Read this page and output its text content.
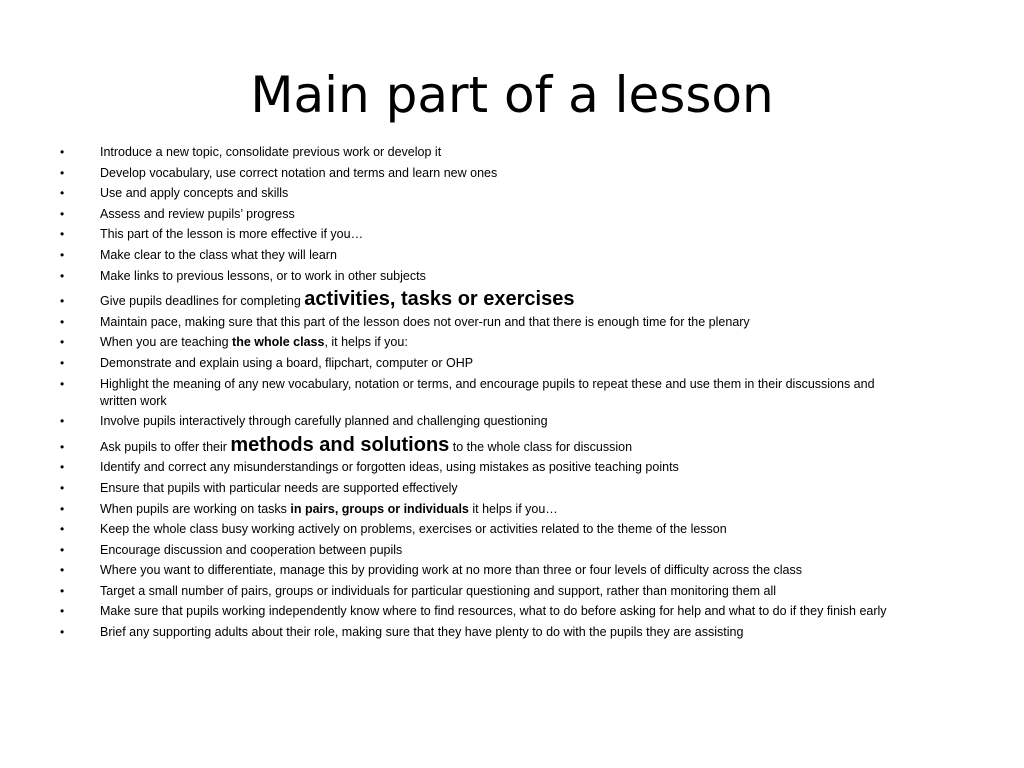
Main part of a lesson
•	Introduce a new topic, consolidate previous work or develop it
•	Develop vocabulary, use correct notation and terms and learn new ones
•	Use and apply concepts and skills
•	Assess and review pupils’ progress
•	This part of the lesson is more effective if you…
•	Make clear to the class what they will learn
•	Make links to previous lessons, or to work in other subjects
•	Give pupils deadlines for completing activities, tasks or exercises
•	Maintain pace, making sure that this part of the lesson does not over-run and that there is enough time for the plenary
•	When you are teaching the whole class, it helps if you:
•	Demonstrate and explain using a board, flipchart, computer or OHP
•	Highlight the meaning of any new vocabulary, notation or terms, and encourage pupils to repeat these and use them in their discussions and written work
•	Involve pupils interactively through carefully planned and challenging questioning
•	Ask pupils to offer their methods and solutions to the whole class for discussion
•	Identify and correct any misunderstandings or forgotten ideas, using mistakes as positive teaching points
•	Ensure that pupils with particular needs are supported effectively
•	When pupils are working on tasks in pairs, groups or individuals it helps if you…
•	Keep the whole class busy working actively on problems, exercises or activities related to the theme of the lesson
•	Encourage discussion and cooperation between pupils
•	Where you want to differentiate, manage this by providing work at no more than three or four levels of difficulty across the class
•	Target a small number of pairs, groups or individuals for particular questioning and support, rather than monitoring them all
•	Make sure that pupils working independently know where to find resources, what to do before asking for help and what to do if they finish early
•	Brief any supporting adults about their role, making sure that they have plenty to do with the pupils they are assisting
